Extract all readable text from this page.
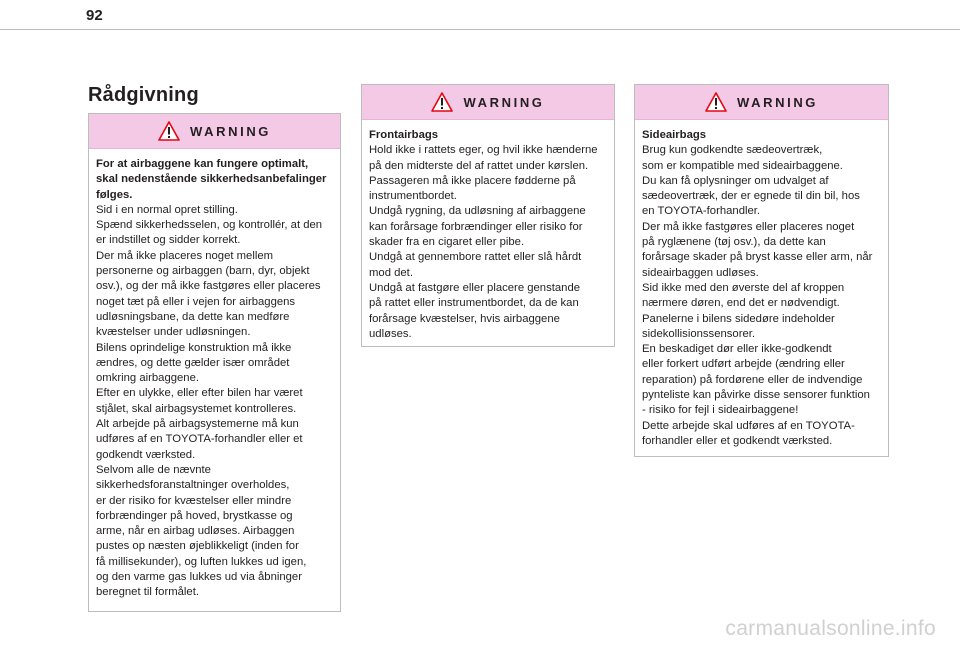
92
Rådgivning
WARNING

For at airbaggene kan fungere optimalt,

skal nedenstående sikkerhedsanbefalinger

følges.

Sid i en normal opret stilling.

Spænd sikkerhedsselen, og kontrollér, at den

er indstillet og sidder korrekt.

Der må ikke placeres noget mellem

personerne og airbaggen (barn, dyr, objekt

osv.), og der må ikke fastgøres eller placeres

noget tæt på eller i vejen for airbaggens

udløsningsbane, da dette kan medføre

kvæstelser under udløsningen.

Bilens oprindelige konstruktion må ikke

ændres, og dette gælder især området

omkring airbaggene.

Efter en ulykke, eller efter bilen har været

stjålet, skal airbagsystemet kontrolleres.

Alt arbejde på airbagsystemerne må kun

udføres af en TOYOTA-forhandler eller et

godkendt værksted.

Selvom alle de nævnte

sikkerhedsforanstaltninger overholdes,

er der risiko for kvæstelser eller mindre

forbrændinger på hoved, brystkasse og

arme, når en airbag udløses. Airbaggen

pustes op næsten øjeblikkeligt (inden for

få millisekunder), og luften lukkes ud igen,

og den varme gas lukkes ud via åbninger

beregnet til formålet.

WARNING

Frontairbags

Hold ikke i rattets eger, og hvil ikke hænderne

på den midterste del af rattet under kørslen.

Passageren må ikke placere fødderne på

instrumentbordet.

Undgå rygning, da udløsning af airbaggene

kan forårsage forbrændinger eller risiko for

skader fra en cigaret eller pibe.

Undgå at gennembore rattet eller slå hårdt

mod det.

Undgå at fastgøre eller placere genstande

på rattet eller instrumentbordet, da de kan

forårsage kvæstelser, hvis airbaggene

udløses.

WARNING

Sideairbags

Brug kun godkendte sædeovertræk,

som er kompatible med sideairbaggene.

Du kan få oplysninger om udvalget af

sædeovertræk, der er egnede til din bil, hos

en TOYOTA-forhandler.

Der må ikke fastgøres eller placeres noget

på ryglænene (tøj osv.), da dette kan

forårsage skader på bryst kasse eller arm, når

sideairbaggen udløses.

Sid ikke med den øverste del af kroppen

nærmere døren, end det er nødvendigt.

Panelerne i bilens sidedøre indeholder

sidekollisionssensorer.

En beskadiget dør eller ikke-godkendt

eller forkert udført arbejde (ændring eller

reparation) på fordørene eller de indvendige

pynteliste kan påvirke disse sensorer funktion

- risiko for fejl i sideairbaggene!

Dette arbejde skal udføres af en TOYOTA-

forhandler eller et godkendt værksted.

carmanualsonline.info
